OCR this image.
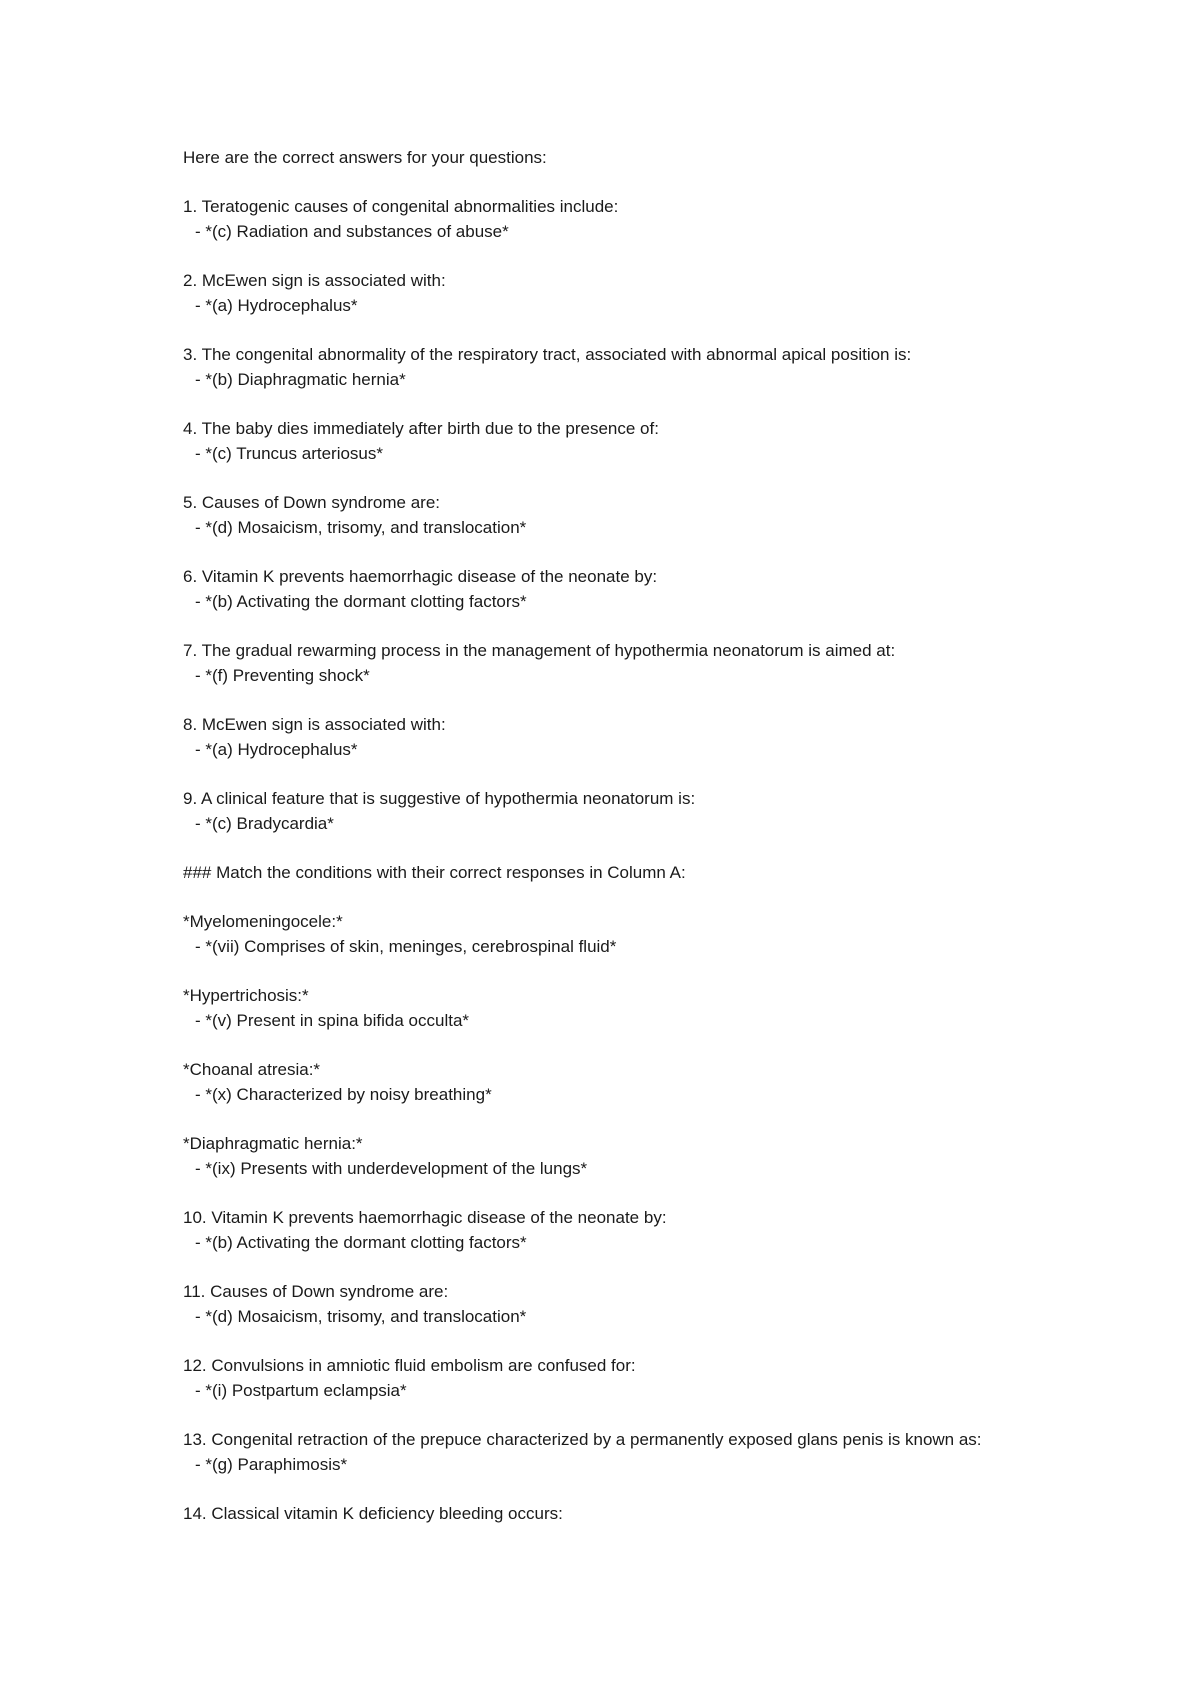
Here are the correct answers for your questions:
1. Teratogenic causes of congenital abnormalities include:
- *(c) Radiation and substances of abuse*
2. McEwen sign is associated with:
- *(a) Hydrocephalus*
3. The congenital abnormality of the respiratory tract, associated with abnormal apical position is:
- *(b) Diaphragmatic hernia*
4. The baby dies immediately after birth due to the presence of:
- *(c) Truncus arteriosus*
5. Causes of Down syndrome are:
- *(d) Mosaicism, trisomy, and translocation*
6. Vitamin K prevents haemorrhagic disease of the neonate by:
- *(b) Activating the dormant clotting factors*
7. The gradual rewarming process in the management of hypothermia neonatorum is aimed at:
- *(f) Preventing shock*
8. McEwen sign is associated with:
- *(a) Hydrocephalus*
9. A clinical feature that is suggestive of hypothermia neonatorum is:
- *(c) Bradycardia*
### Match the conditions with their correct responses in Column A:
*Myelomeningocele:*
- *(vii) Comprises of skin, meninges, cerebrospinal fluid*
*Hypertrichosis:*
- *(v) Present in spina bifida occulta*
*Choanal atresia:*
- *(x) Characterized by noisy breathing*
*Diaphragmatic hernia:*
- *(ix) Presents with underdevelopment of the lungs*
10. Vitamin K prevents haemorrhagic disease of the neonate by:
- *(b) Activating the dormant clotting factors*
11. Causes of Down syndrome are:
- *(d) Mosaicism, trisomy, and translocation*
12. Convulsions in amniotic fluid embolism are confused for:
- *(i) Postpartum eclampsia*
13. Congenital retraction of the prepuce characterized by a permanently exposed glans penis is known as:
- *(g) Paraphimosis*
14. Classical vitamin K deficiency bleeding occurs:
